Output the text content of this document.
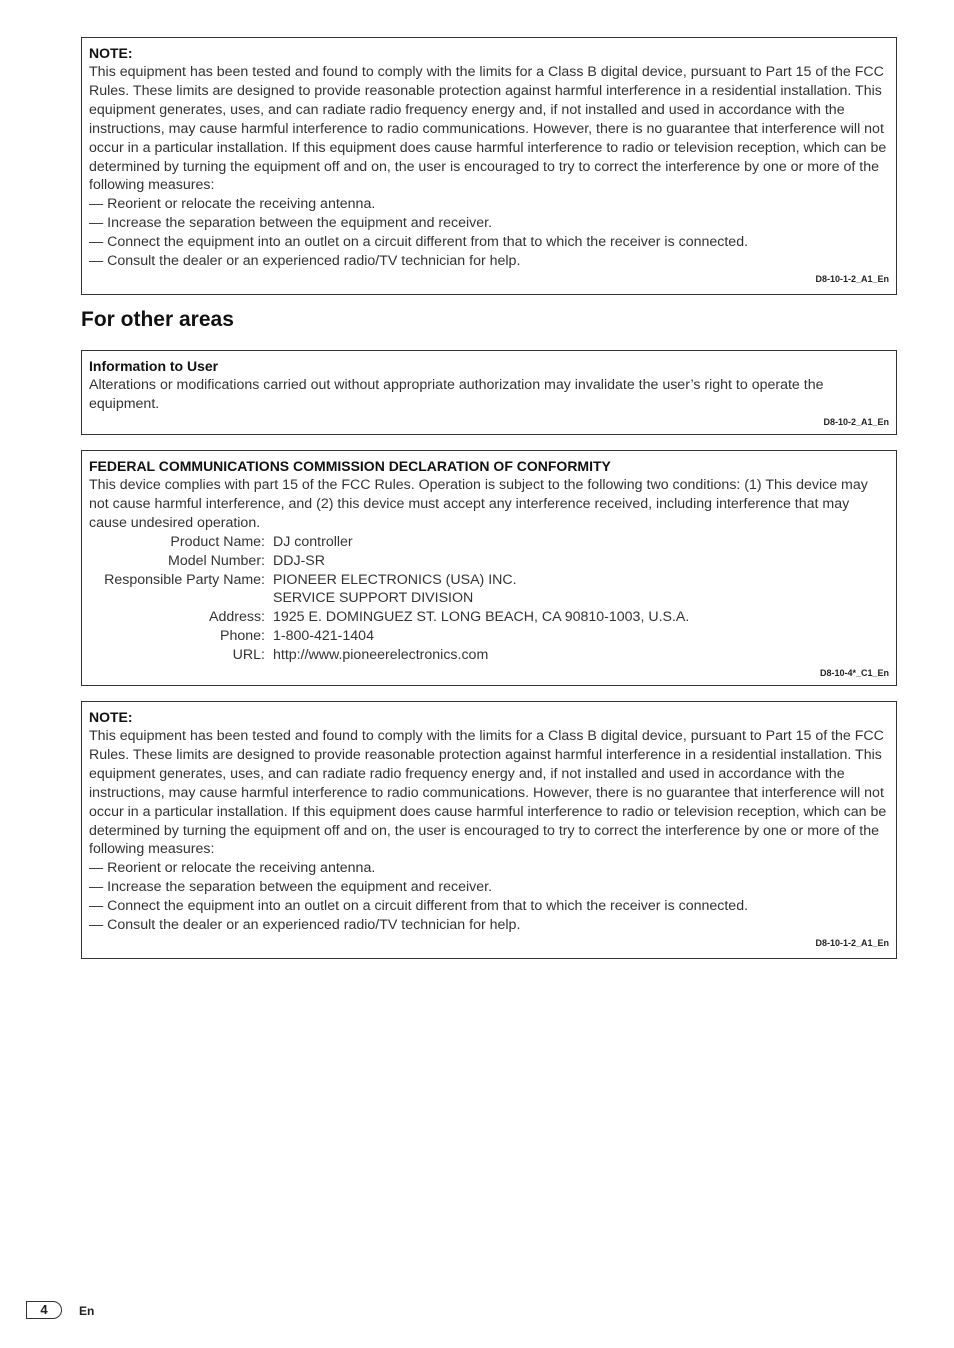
NOTE:

This equipment has been tested and found to comply with the limits for a Class B digital device, pursuant to Part 15 of the FCC Rules. These limits are designed to provide reasonable protection against harmful interference in a residential installation. This equipment generates, uses, and can radiate radio frequency energy and, if not installed and used in accordance with the instructions, may cause harmful interference to radio communications. However, there is no guarantee that interference will not occur in a particular installation. If this equipment does cause harmful interference to radio or television reception, which can be determined by turning the equipment off and on, the user is encouraged to try to correct the interference by one or more of the following measures:

— Reorient or relocate the receiving antenna.

— Increase the separation between the equipment and receiver.

— Connect the equipment into an outlet on a circuit different from that to which the receiver is connected.

— Consult the dealer or an experienced radio/TV technician for help.

D8-10-1-2_A1_En
For other areas
Information to User

Alterations or modifications carried out without appropriate authorization may invalidate the user’s right to operate the equipment.

D8-10-2_A1_En
FEDERAL COMMUNICATIONS COMMISSION DECLARATION OF CONFORMITY

This device complies with part 15 of the FCC Rules. Operation is subject to the following two conditions: (1) This device may not cause harmful interference, and (2) this device must accept any interference received, including interference that may cause undesired operation.

Product Name: DJ controller
Model Number: DDJ-SR
Responsible Party Name: PIONEER ELECTRONICS (USA) INC.
SERVICE SUPPORT DIVISION
Address: 1925 E. DOMINGUEZ ST. LONG BEACH, CA 90810-1003, U.S.A.
Phone: 1-800-421-1404
URL: http://www.pioneerelectronics.com
D8-10-4*_C1_En
NOTE:

This equipment has been tested and found to comply with the limits for a Class B digital device, pursuant to Part 15 of the FCC Rules. These limits are designed to provide reasonable protection against harmful interference in a residential installation. This equipment generates, uses, and can radiate radio frequency energy and, if not installed and used in accordance with the instructions, may cause harmful interference to radio communications. However, there is no guarantee that interference will not occur in a particular installation. If this equipment does cause harmful interference to radio or television reception, which can be determined by turning the equipment off and on, the user is encouraged to try to correct the interference by one or more of the following measures:

— Reorient or relocate the receiving antenna.

— Increase the separation between the equipment and receiver.

— Connect the equipment into an outlet on a circuit different from that to which the receiver is connected.

— Consult the dealer or an experienced radio/TV technician for help.

D8-10-1-2_A1_En
4	En
